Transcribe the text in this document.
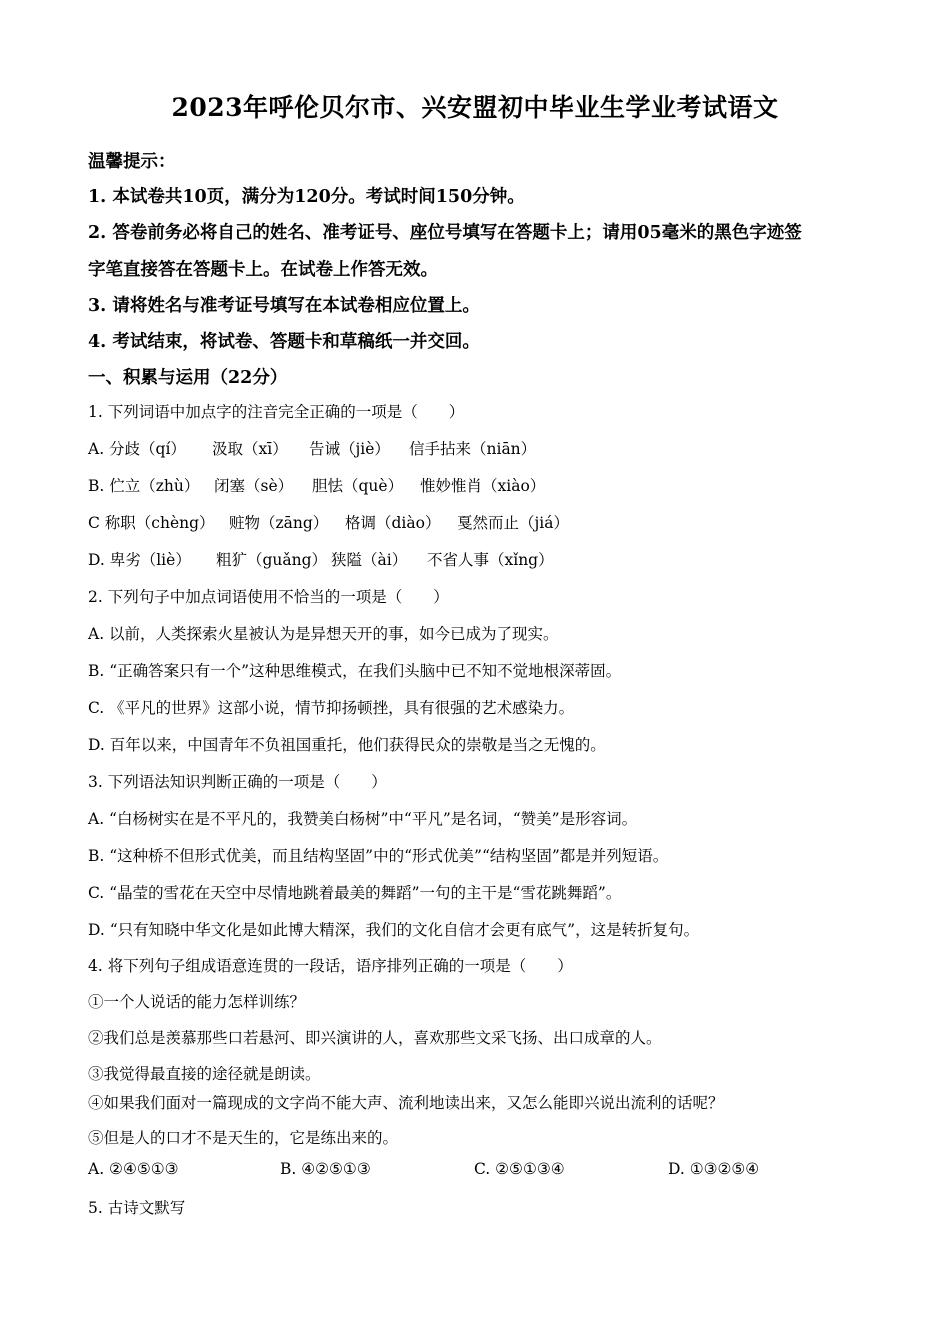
2023年呼伦贝尔市、兴安盟初中毕业生学业考试语文
温馨提示：
1. 本试卷共10页，满分为120分。考试时间150分钟。
2. 答卷前务必将自己的姓名、准考证号、座位号填写在答题卡上；请用05毫米的黑色字迹签
字笔直接答在答题卡上。在试卷上作答无效。
3. 请将姓名与准考证号填写在本试卷相应位置上。
4. 考试结束，将试卷、答题卡和草稿纸一并交回。
一、积累与运用（22分）
1. 下列词语中加点字的注音完全正确的一项是（　　）
A. 分歧（qí） 汲取（xī） 告诫（jiè） 信手拈来（niān）
B. 伫立（zhù） 闭塞（sè） 胆怯（què） 惟妙惟肖（xiào）
C 称职（chèng） 赃物（zāng） 格调（diào） 戛然而止（jiá）
D. 卑劣（liè） 粗犷（guǎng） 狭隘（ài） 不省人事（xǐng）
2. 下列句子中加点词语使用不恰当的一项是（　　）
A. 以前，人类探索火星被认为是异想天开的事，如今已成为了现实。
B. “正确答案只有一个”这种思维模式，在我们头脑中已不知不觉地根深蒂固。
C. 《平凡的世界》这部小说，情节抑扬顿挫，具有很强的艺术感染力。
D. 百年以来，中国青年不负祖国重托，他们获得民众的崇敬是当之无愧的。
3. 下列语法知识判断正确的一项是（　　）
A. “白杨树实在是不平凡的，我赞美白杨树”中“平凡”是名词，“赞美”是形容词。
B. “这种桥不但形式优美，而且结构坚固”中的“形式优美”“结构坚固”都是并列短语。
C. “晶莹的雪花在天空中尽情地跳着最美的舞蹈”一句的主干是“雪花跳舞蹈”。
D. “只有知晓中华文化是如此博大精深，我们的文化自信才会更有底气”，这是转折复句。
4. 将下列句子组成语意连贯的一段话，语序排列正确的一项是（　　）
①一个人说话的能力怎样训练？
②我们总是羡慕那些口若悬河、即兴演讲的人，喜欢那些文采飞扬、出口成章的人。
③我觉得最直接的途径就是朗读。
④如果我们面对一篇现成的文字尚不能大声、流利地读出来，又怎么能即兴说出流利的话呢？
⑤但是人的口才不是天生的，它是练出来的。
A. ②④⑤①③	B. ④②⑤①③	C. ②⑤①③④	D. ①③②⑤④
5. 古诗文默写
